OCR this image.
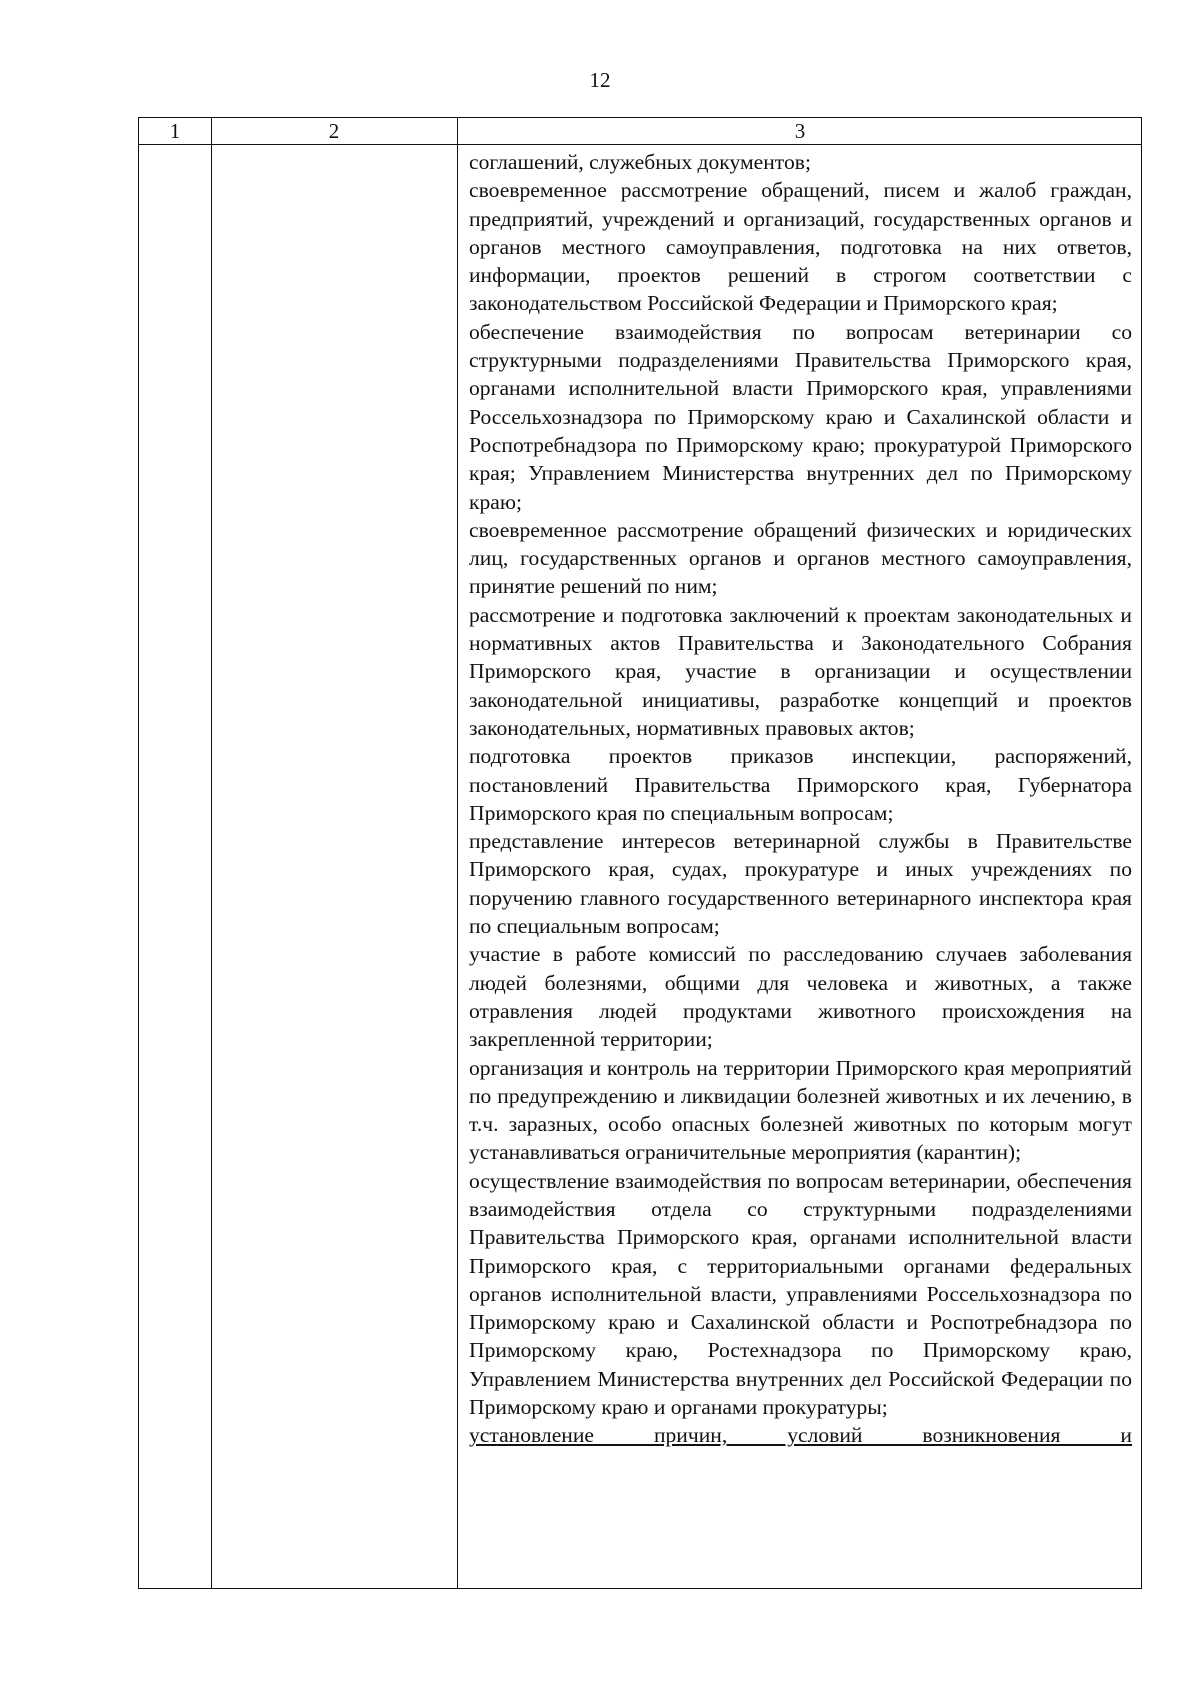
12
1	2	3

соглашений, служебных документов;

своевременное рассмотрение обращений, писем и жалоб граждан, предприятий, учреждений и организаций, государственных органов и органов местного самоуправления, подготовка на них ответов, информации, проектов решений в строгом соответствии с законодательством Российской Федерации и Приморского края;

обеспечение взаимодействия по вопросам ветеринарии со структурными подразделениями Правительства Приморского края, органами исполнительной власти Приморского края, управлениями Россельхознадзора по Приморскому краю и Сахалинской области и Роспотребнадзора по Приморскому краю; прокуратурой Приморского края; Управлением Министерства внутренних дел по Приморскому краю;

своевременное рассмотрение обращений физических и юридических лиц, государственных органов и органов местного самоуправления, принятие решений по ним;

рассмотрение и подготовка заключений к проектам законодательных и нормативных актов Правительства и Законодательного Собрания Приморского края, участие в организации и осуществлении законодательной инициативы, разработке концепций и проектов законодательных, нормативных правовых актов;

подготовка проектов приказов инспекции, распоряжений, постановлений Правительства Приморского края, Губернатора Приморского края по специальным вопросам;

представление интересов ветеринарной службы в Правительстве Приморского края, судах, прокуратуре и иных учреждениях по поручению главного государственного ветеринарного инспектора края по специальным вопросам;

участие в работе комиссий по расследованию случаев заболевания людей болезнями, общими для человека и животных, а также отравления людей продуктами животного происхождения на закрепленной территории;

организация и контроль на территории Приморского края мероприятий по предупреждению и ликвидации болезней животных и их лечению, в т.ч. заразных, особо опасных болезней животных по которым могут устанавливаться ограничительные мероприятия (карантин);

осуществление взаимодействия по вопросам ветеринарии, обеспечения взаимодействия отдела со структурными подразделениями Правительства Приморского края, органами исполнительной власти Приморского края, с территориальными органами федеральных органов исполнительной власти, управлениями Россельхознадзора по Приморскому краю и Сахалинской области и Роспотребнадзора по Приморскому краю, Ростехнадзора по Приморскому краю, Управлением Министерства внутренних дел Российской Федерации по Приморскому краю и органами прокуратуры;

установление причин, условий возникновения и
